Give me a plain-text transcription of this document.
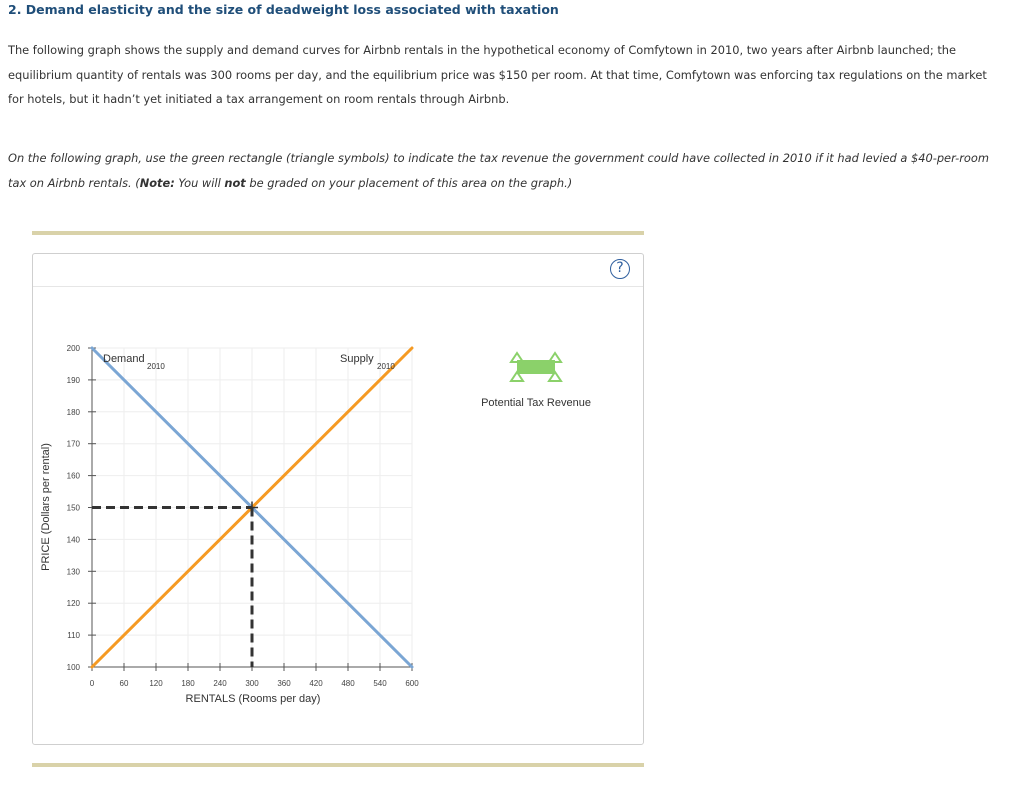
2. Demand elasticity and the size of deadweight loss associated with taxation

The following graph shows the supply and demand curves for Airbnb rentals in the hypothetical economy of Comfytown in 2010, two years after Airbnb launched; the equilibrium quantity of rentals was 300 rooms per day, and the equilibrium price was $150 per room. At that time, Comfytown was enforcing tax regulations on the market for hotels, but it hadn’t yet initiated a tax arrangement on room rentals through Airbnb.

On the following graph, use the green rectangle (triangle symbols) to indicate the tax revenue the government could have collected in 2010 if it had levied a $40-per-room tax on Airbnb rentals. (Note: You will not be graded on your placement of this area on the graph.)

?
100
110
120
130
140
150
160
170
180
190
200
0	60	120 180 240 300 360 420 480 540 600
Demand
2010
Supply
2010
RENTALS (Rooms per day)
PRICE (Dollars per rental)
Potential Tax Revenue
